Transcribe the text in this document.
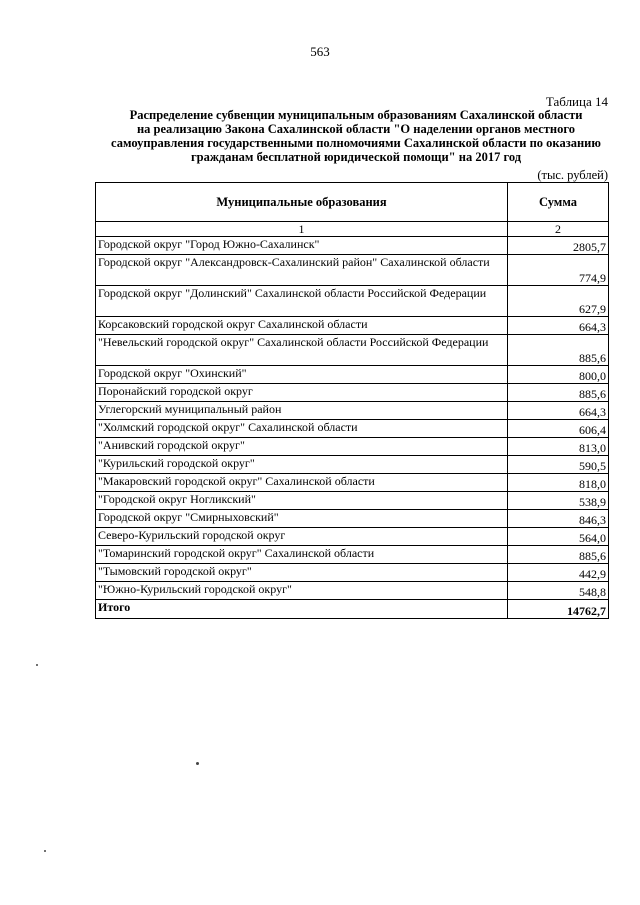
563
Таблица 14
Распределение субвенции муниципальным образованиям Сахалинской области
на реализацию Закона Сахалинской области "О наделении органов местного
самоуправления государственными полномочиями Сахалинской области по оказанию
гражданам бесплатной юридической помощи" на 2017 год
(тыс. рублей)
Муниципальные образования	Сумма
1	2
Городской округ "Город Южно-Сахалинск"	2805,7
Городской округ "Александровск-Сахалинский район" Сахалинской области	774,9
Городской округ "Долинский" Сахалинской области Российской Федерации	627,9
Корсаковский городской округ Сахалинской области	664,3
"Невельский городской округ" Сахалинской области Российской Федерации	885,6
Городской округ "Охинский"	800,0
Поронайский городской округ	885,6
Углегорский муниципальный район	664,3
"Холмский городской округ" Сахалинской области	606,4
"Анивский городской округ"	813,0
"Курильский городской округ"	590,5
"Макаровский городской округ" Сахалинской области	818,0
"Городской округ Ногликский"	538,9
Городской округ "Смирныховский"	846,3
Северо-Курильский городской округ	564,0
"Томаринский городской округ" Сахалинской области	885,6
"Тымовский городской округ"	442,9
"Южно-Курильский городской округ"	548,8
Итого	14762,7
